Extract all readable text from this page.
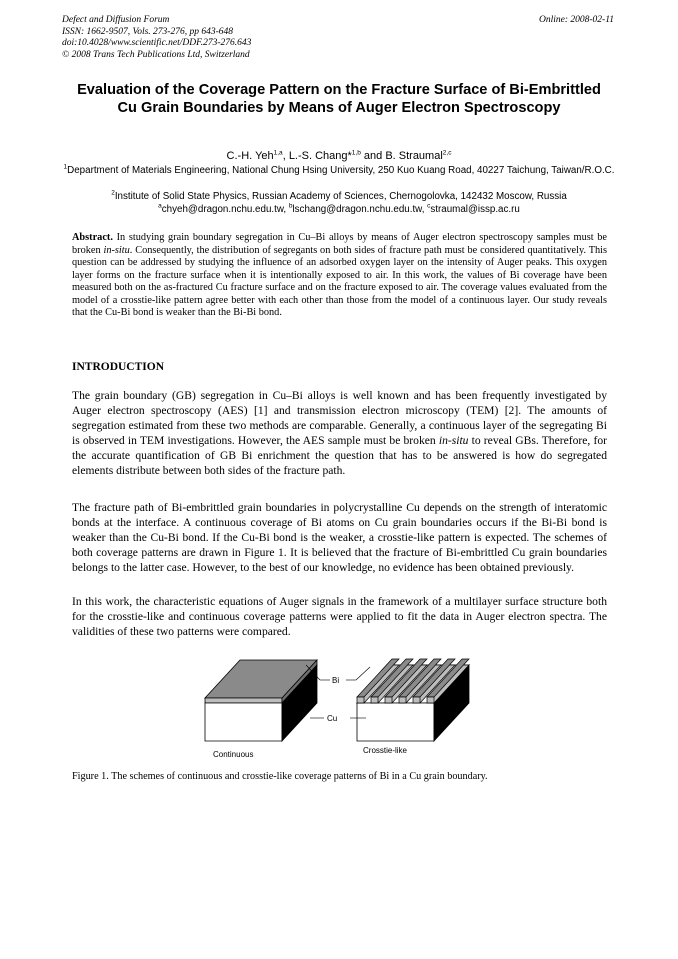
Defect and Diffusion Forum
ISSN: 1662-9507, Vols. 273-276, pp 643-648
doi:10.4028/www.scientific.net/DDF.273-276.643
© 2008 Trans Tech Publications Ltd, Switzerland
Online: 2008-02-11
Evaluation of the Coverage Pattern on the Fracture Surface of Bi-Embrittled Cu Grain Boundaries by Means of Auger Electron Spectroscopy
C.-H. Yeh$^{1,a}$, L.-S. Chang*$^{1,b}$ and B. Straumal$^{2,c}$
$^1$Department of Materials Engineering, National Chung Hsing University, 250 Kuo Kuang Road, 40227 Taichung, Taiwan/R.O.C.
$^2$Institute of Solid State Physics, Russian Academy of Sciences, Chernogolovka, 142432 Moscow, Russia
$^a$chyeh@dragon.nchu.edu.tw, $^b$lschang@dragon.nchu.edu.tw, $^c$straumal@issp.ac.ru
Abstract. In studying grain boundary segregation in Cu–Bi alloys by means of Auger electron spectroscopy samples must be broken in-situ. Consequently, the distribution of segregants on both sides of fracture path must be considered quantitatively. This question can be addressed by studying the influence of an adsorbed oxygen layer on the intensity of Auger peaks. This oxygen layer forms on the fracture surface when it is intentionally exposed to air. In this work, the values of Bi coverage have been measured both on the as-fractured Cu fracture surface and on the fracture exposed to air. The coverage values evaluated from the model of a crosstie-like pattern agree better with each other than those from the model of a continuous layer. Our study reveals that the Cu-Bi bond is weaker than the Bi-Bi bond.
INTRODUCTION

The grain boundary (GB) segregation in Cu–Bi alloys is well known and has been frequently investigated by Auger electron spectroscopy (AES) [1] and transmission electron microscopy (TEM) [2]. The amounts of segregation estimated from these two methods are comparable. Generally, a continuous layer of the segregating Bi is observed in TEM investigations. However, the AES sample must be broken in-situ to reveal GBs. Therefore, for the accurate quantification of GB Bi enrichment the question that has to be answered is how do segregated elements distribute between both sides of the fracture path.

The fracture path of Bi-embrittled grain boundaries in polycrystalline Cu depends on the strength of interatomic bonds at the interface. A continuous coverage of Bi atoms on Cu grain boundaries occurs if the Bi-Bi bond is weaker than the Cu-Bi bond. If the Cu-Bi bond is the weaker, a crosstie-like pattern is expected. The schemes of both coverage patterns are drawn in Figure 1. It is believed that the fracture of Bi-embrittled Cu grain boundaries belongs to the latter case. However, to the best of our knowledge, no evidence has been obtained previously.

In this work, the characteristic equations of Auger signals in the framework of a multilayer surface structure both for the crosstie-like and continuous coverage patterns were applied to fit the data in Auger electron spectra. The validities of these two patterns were compared.

Bi
Cu
Continuous	Crosstie-like
Figure 1. The schemes of continuous and crosstie-like coverage patterns of Bi in a Cu grain boundary.
